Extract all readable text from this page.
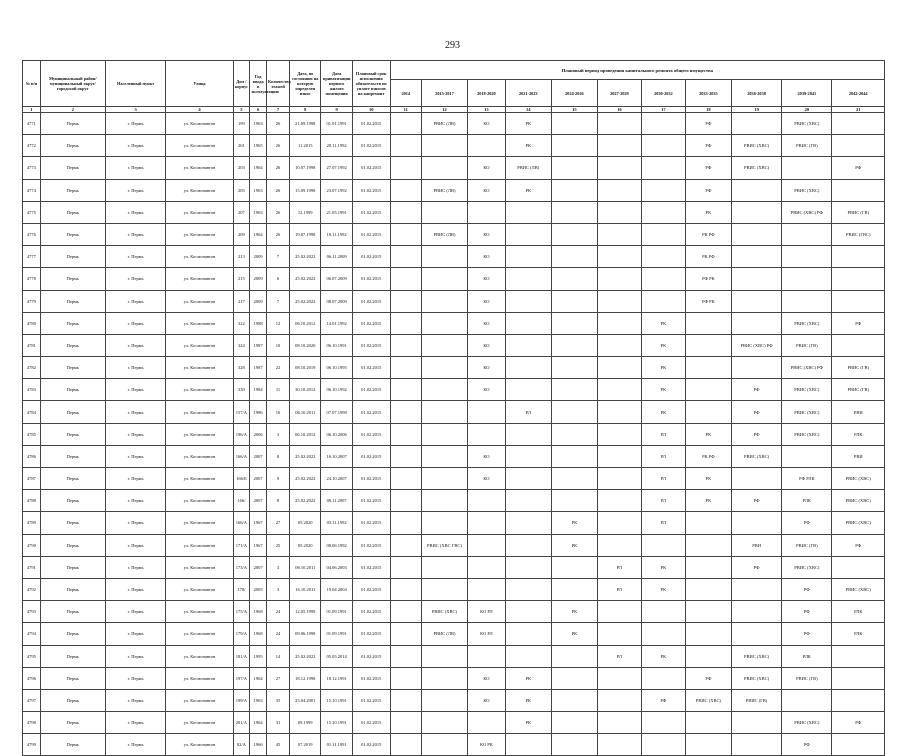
293
№ п/п	Муниципальный район/ муниципальный округ/городской округ	Населенный пункт	Улица	Дом / корпус	Год ввода в эксплуатацию	Количество этажей	Дата, по состоянию на которую определен износ	Дата приватизации первого жилого помещения	Плановый срок исполнения обязательств по уплате взносов на капремонт	Плановый период проведения капитального ремонта общего имущества										
										2014	2015-2017	2018-2020	2021-2023	2024-2026	2027-2029	2030-2032	2033-2035	2036-2038	2039-2041	2042-2044
1	2	3	4	5	6	7	8	9	10	11	12	13	14	15	16	17	18	19	20	21
4771	Пермь	г. Пермь	ул. Космонавтов	199	1963	26	21.09.1998	01.01.1991	01.02.2015		РВИС (ЛВ)	КО	РК				РФ		РВИС (ХВС)	
4772	Пермь	г. Пермь	ул. Космонавтов	201	1965	26	11.2015	20.11.1992	01.02.2015				РК				РФ	РВИС (ХВС)	РВИС (ГВ)	
4773	Пермь	г. Пермь	ул. Космонавтов	203	1964	26	10.07.1998	27.07.1992	01.02.2015			КО	РВИС (ЛВ)				РФ	РВИС (ХВС)		РФ
4774	Пермь	г. Пермь	ул. Космонавтов	205	1963	26	15.09.1998	23.07.1992	01.02.2015		РВИС (ЛВ)	КО	РК				РФ		РВИС (ХВС)	
4775	Пермь	г. Пермь	ул. Космонавтов	207	1963	26	12.1999	21.05.1991	01.02.2015								РК		РВИС (ХВС) РФ	РВИС (ГВ)
4776	Пермь	г. Пермь	ул. Космонавтов	209	1964	26	19.07.1998	19.11.1992	01.02.2015		РВИС (ЛВ)	КО					РК РФ			РВИС (ГВС)
4777	Пермь	г. Пермь	ул. Космонавтов	213	2009	7	25.02.2022	06.11.2009	01.02.2015			КО					РК РФ			
4778	Пермь	г. Пермь	ул. Космонавтов	215	2009	6	25.02.2022	06.07.2009	01.02.2015			КО					РФ РК			
4779	Пермь	г. Пермь	ул. Космонавтов	217	2009	7	25.02.2022	08.07.2009	01.02.2015			КО					РФ РК			
4780	Пермь	г. Пермь	ул. Космонавтов	322	1988	12	06.10.2012	14.01.1992	01.02.2015			КО				РК			РВИС (ХВС)	РФ
4781	Пермь	г. Пермь	ул. Космонавтов	324	1987	10	08.10.2020	06.10.1991	01.02.2015			КО				РК		РВИС (ХВС) РФ	РВИС (ГВ)	
4782	Пермь	г. Пермь	ул. Космонавтов	328	1987	22	08.10.2019	06.10.1995	01.02.2015			КО				РК			РВИС (ХВС) РФ	РВИС (ГВ)
4783	Пермь	г. Пермь	ул. Космонавтов	330	1984	11	30.10.2012	06.10.1992	01.02.2015			КО				РК		РФ	РВИС (ХВС)	РВИС (ГВ)
4784	Пермь	г. Пермь	ул. Космонавтов	157/А	1986	16	06.10.2011	07.07.1998	01.02.2015				РЛ			РК		РФ	РВИС (ХВС)	РВИ
4785	Пермь	г. Пермь	ул. Космонавтов	196/А	2006	3	06.10.2012	06.10.2006	01.02.2015							РЛ	РК	РФ	РВИС (ХВС)	РЛК
4786	Пермь	г. Пермь	ул. Космонавтов	166/А	2007	8	25.02.2022	16.10.2007	01.02.2015			КО				РЛ	РК РФ	РВИС (ХВС)		РВИ
4787	Пермь	г. Пермь	ул. Космонавтов	166/Б	2007	9	25.02.2022	24.10.2007	01.02.2015			КО				РЛ	РК		РФ РЛК	РВИС (ХВС)
4788	Пермь	г. Пермь	ул. Космонавтов	166/	2007	8	25.02.2022	09.11.2007	01.02.2015							РЛ	РК	РФ	РЛК	РВИС (ХВС)
4789	Пермь	г. Пермь	ул. Космонавтов	166/А	1967	27	05.2020	03.11.1992	01.02.2015					РК		РЛ			РФ	РВИС (ХВС)
4790	Пермь	г. Пермь	ул. Космонавтов	171/А	1967	25	05.2020	08.06.1992	01.02.2015		РВИС (ХВС ГВС)			РК				РВИ	РВИС (ГВ)	РФ
4791	Пермь	г. Пермь	ул. Космонавтов	173/А	2007	3	06.10.2011	04.06.2003	01.02.2015						РЛ	РК		РФ	РВИС (ХВС)	
4792	Пермь	г. Пермь	ул. Космонавтов	178/	2005	3	16.10.2011	19.04.2004	01.02.2015						РЛ	РК			РФ	РВИС (ХВС)
4793	Пермь	г. Пермь	ул. Космонавтов	175/А	1968	24	12.05.1999	01.09.1991	01.02.2015		РВИС (ХВС)	КО РЛ		РК					РФ	РЛК
4794	Пермь	г. Пермь	ул. Космонавтов	179/А	1968	24	09.06.1998	01.09.1991	01.02.2015		РВИС (ЛВ)	КО РЛ		РК					РФ	РЛК
4795	Пермь	г. Пермь	ул. Космонавтов	181/А	1995	14	25.02.2022	05.05.2014	01.02.2015						РЛ	РК		РВИС (ХВС)	РЛК	
4796	Пермь	г. Пермь	ул. Космонавтов	197/А	1964	27	18.12.1998	18.12.1991	01.02.2015			КО	РК				РФ	РВИС (ХВС)	РВИС (ГВ)	
4797	Пермь	г. Пермь	ул. Космонавтов	199/А	1963	35	23.04.2001	15.10.1991	01.02.2015			КО	РК			РФ	РВИС (ХВС)	РВИС (ГВ)		
4798	Пермь	г. Пермь	ул. Космонавтов	201/А	1964	31	09.1999	15.10.1991	01.02.2015				РК						РВИС (ХВС)	РФ
4799	Пермь	г. Пермь	ул. Космонавтов	82/А	1966	45	07.2019	01.11.1991	01.02.2015			КО РК							РФ	
